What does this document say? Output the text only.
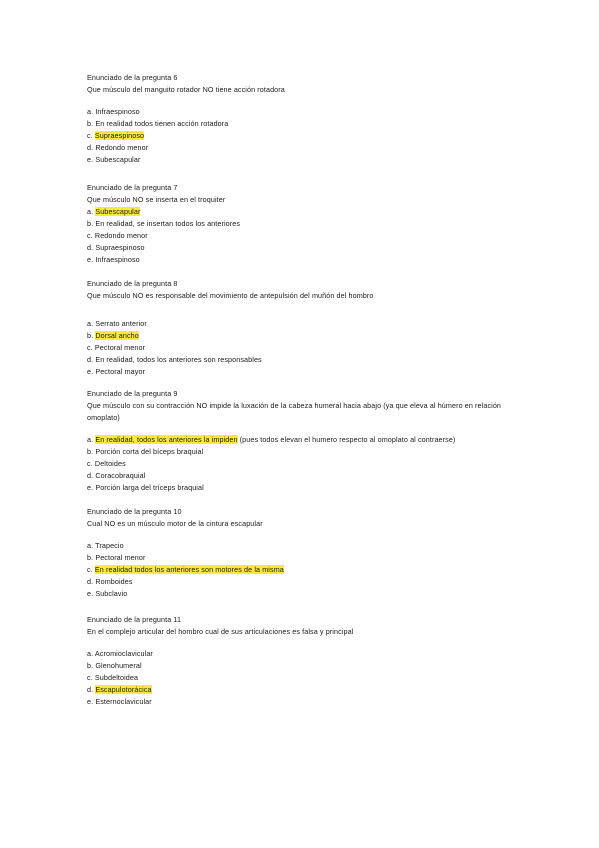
Enunciado de la pregunta 6
Que músculo del manguito rotador NO tiene acción rotadora
a. Infraespinoso
b. En realidad todos tienen acción rotadora
c. Supraespinoso
d. Redondo menor
e. Subescapular
Enunciado de la pregunta 7
Que músculo NO se inserta en el troquiter
a. Subescapular
b. En realidad, se insertan todos los anteriores
c. Redondo menor
d. Supraespinoso
e. Infraespinoso
Enunciado de la pregunta 8
Que músculo NO es responsable del movimiento de antepulsión del muñón del hombro
a. Serrato anterior
b. Dorsal ancho
c. Pectoral menor
d. En realidad, todos los anteriores son responsables
e. Pectoral mayor
Enunciado de la pregunta 9
Que músculo con su contracción NO impide la luxación de la cabeza humeral hacia abajo (ya que eleva al húmero en relación omoplato)
a. En realidad, todos los anteriores la impiden (pues todos elevan el humero respecto al omoplato al contraerse)
b. Porción corta del bíceps braquial
c. Deltoides
d. Coracobraquial
e. Porción larga del tríceps braquial
Enunciado de la pregunta 10
Cual NO es un músculo motor de la cintura escapular
a. Trapecio
b. Pectoral menor
c. En realidad todos los anteriores son motores de la misma
d. Romboides
e. Subclavio
Enunciado de la pregunta 11
En el complejo articular del hombro cual de sus articulaciones es falsa y principal
a. Acromioclavicular
b. Glenohumeral
c. Subdeltoidea
d. Escapulotorácica
e. Esternoclavicular
